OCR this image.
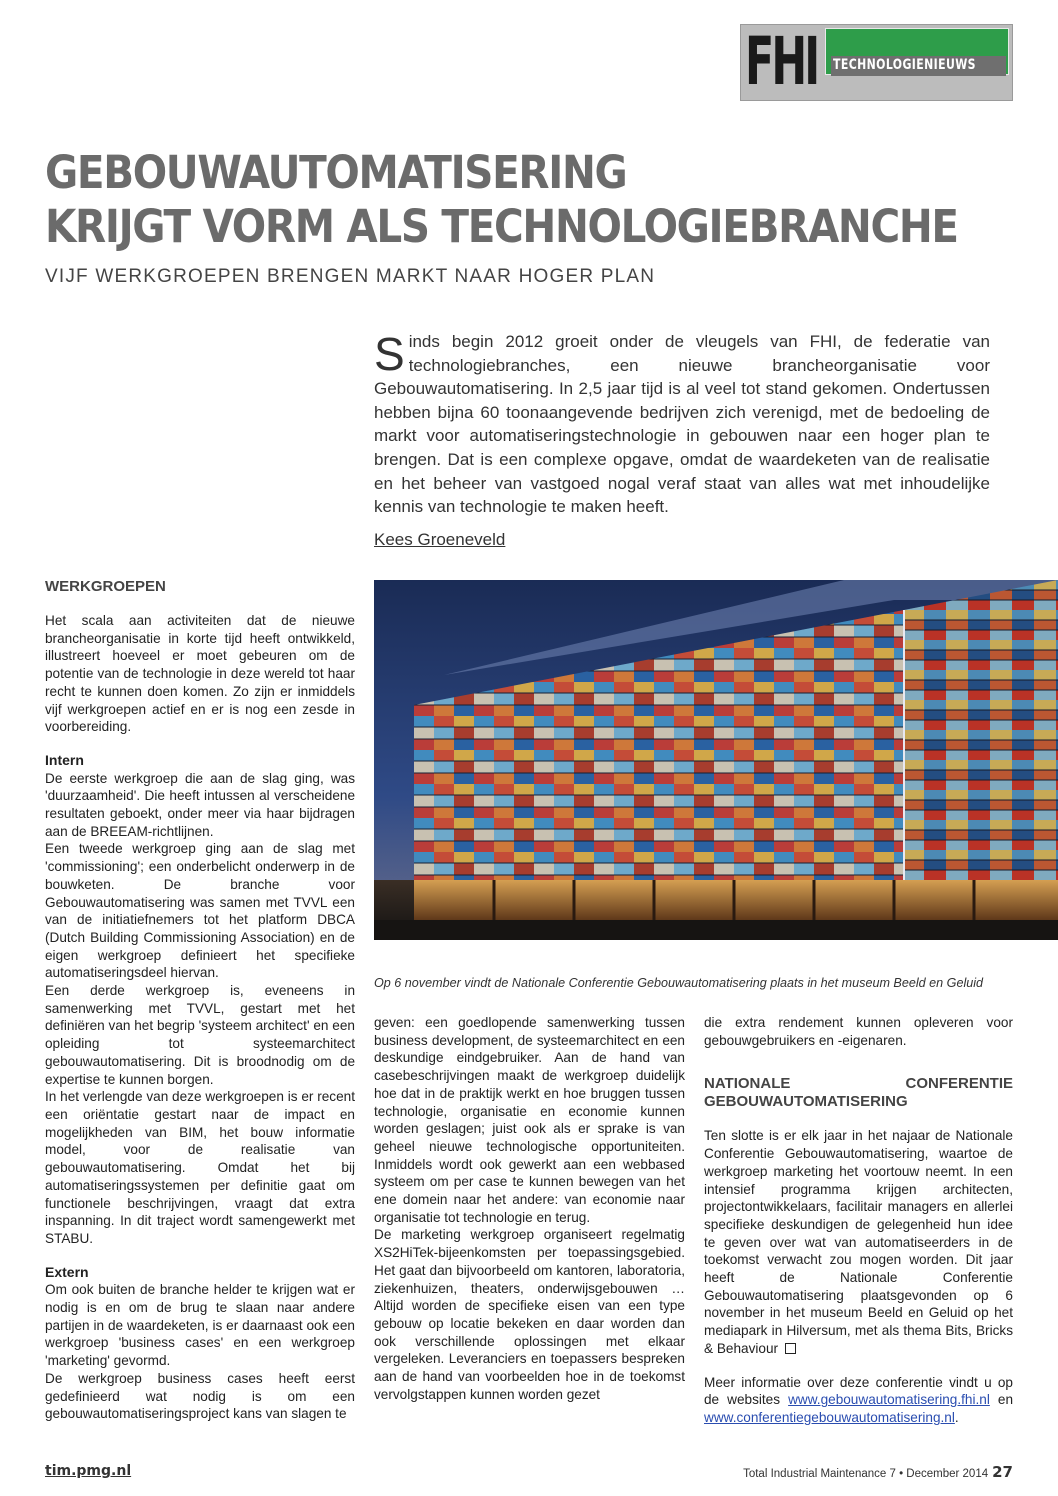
FHI TECHNOLOGIENIEUWS
GEBOUWAUTOMATISERING
KRIJGT VORM ALS TECHNOLOGIEBRANCHE
VIJF WERKGROEPEN BRENGEN MARKT NAAR HOGER PLAN
Sinds begin 2012 groeit onder de vleugels van FHI, de federatie van technologiebranches, een nieuwe brancheorganisatie voor Gebouwautomatisering. In 2,5 jaar tijd is al veel tot stand gekomen. Ondertussen hebben bijna 60 toonaangevende bedrijven zich verenigd, met de bedoeling de markt voor automatiseringstechnologie in gebouwen naar een hoger plan te brengen. Dat is een complexe opgave, omdat de waardeketen van de realisatie en het beheer van vastgoed nogal veraf staat van alles wat met inhoudelijke kennis van technologie te maken heeft.
Kees Groeneveld
WERKGROEPEN

Het scala aan activiteiten dat de nieuwe brancheorganisatie in korte tijd heeft ontwikkeld, illustreert hoeveel er moet gebeuren om de potentie van de technologie in deze wereld tot haar recht te kunnen doen komen. Zo zijn er inmiddels vijf werkgroepen actief en er is nog een zesde in voorbereiding.

Intern

De eerste werkgroep die aan de slag ging, was 'duurzaamheid'. Die heeft intussen al verscheidene resultaten geboekt, onder meer via haar bijdragen aan de BREEAM-richtlijnen.

Een tweede werkgroep ging aan de slag met 'commissioning'; een onderbelicht onderwerp in de bouwketen. De branche voor Gebouwautomatisering was samen met TVVL een van de initiatiefnemers tot het platform DBCA (Dutch Building Commissioning Association) en de eigen werkgroep definieert het specifieke automatiseringsdeel hiervan.

Een derde werkgroep is, eveneens in samenwerking met TVVL, gestart met het definiëren van het begrip 'systeem architect' en een opleiding tot systeemarchitect gebouwautomatisering. Dit is broodnodig om de expertise te kunnen borgen.

In het verlengde van deze werkgroepen is er recent een oriëntatie gestart naar de impact en mogelijkheden van BIM, het bouw informatie model, voor de realisatie van gebouwautomatisering. Omdat het bij automatiseringssystemen per definitie gaat om functionele beschrijvingen, vraagt dat extra inspanning. In dit traject wordt samengewerkt met STABU.

Extern

Om ook buiten de branche helder te krijgen wat er nodig is en om de brug te slaan naar andere partijen in de waardeketen, is er daarnaast ook een werkgroep 'business cases' en een werkgroep 'marketing' gevormd.

De werkgroep business cases heeft eerst gedefinieerd wat nodig is om een gebouwautomatiseringsproject kans van slagen te

Op 6 november vindt de Nationale Conferentie Gebouwautomatisering plaats in het museum Beeld en Geluid

geven: een goedlopende samenwerking tussen business development, de systeemarchitect en een deskundige eindgebruiker. Aan de hand van casebeschrijvingen maakt de werkgroep duidelijk hoe dat in de praktijk werkt en hoe bruggen tussen technologie, organisatie en economie kunnen worden geslagen; juist ook als er sprake is van geheel nieuwe technologische opportuniteiten. Inmiddels wordt ook gewerkt aan een webbased systeem om per case te kunnen bewegen van het ene domein naar het andere: van economie naar organisatie tot technologie en terug.

De marketing werkgroep organiseert regelmatig XS2HiTek-bijeenkomsten per toepassingsgebied. Het gaat dan bijvoorbeeld om kantoren, laboratoria, ziekenhuizen, theaters, onderwijsgebouwen … Altijd worden de specifieke eisen van een type gebouw op locatie bekeken en daar worden dan ook verschillende oplossingen met elkaar vergeleken. Leveranciers en toepassers bespreken aan de hand van voorbeelden hoe in de toekomst vervolgstappen kunnen worden gezet

die extra rendement kunnen opleveren voor gebouwgebruikers en -eigenaren.

NATIONALE CONFERENTIE GEBOUWAUTOMATISERING

Ten slotte is er elk jaar in het najaar de Nationale Conferentie Gebouwautomatisering, waartoe de werkgroep marketing het voortouw neemt. In een intensief programma krijgen architecten, projectontwikkelaars, facilitair managers en allerlei specifieke deskundigen de gelegenheid hun idee te geven over wat van automatiseerders in de toekomst verwacht zou mogen worden. Dit jaar heeft de Nationale Conferentie Gebouwautomatisering plaatsgevonden op 6 november in het museum Beeld en Geluid op het mediapark in Hilversum, met als thema Bits, Bricks & Behaviour

Meer informatie over deze conferentie vindt u op de websites www.gebouwautomatisering.fhi.nl en www.conferentiegebouwautomatisering.nl.

tim.pmg.nl	Total Industrial Maintenance 7 • December 2014 27
